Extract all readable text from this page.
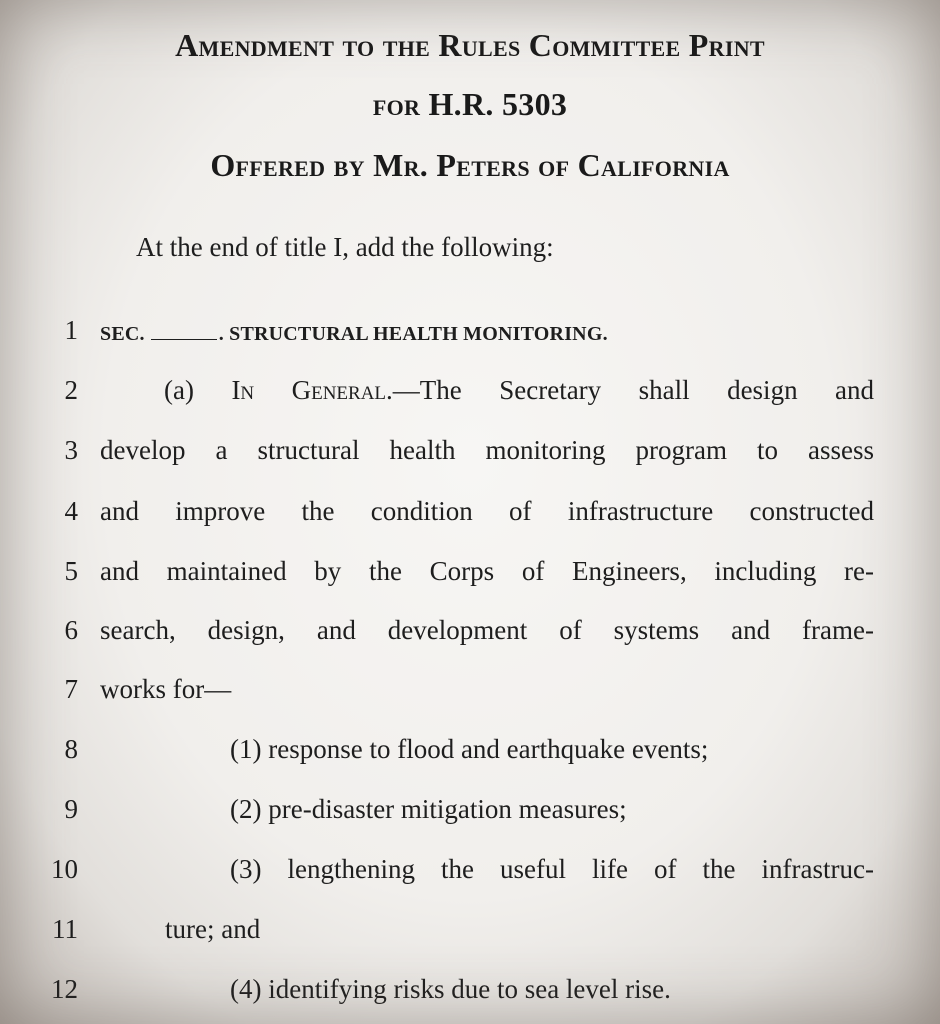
Amendment to the Rules Committee Print
for H.R. 5303
Offered by Mr. Peters of California
At the end of title I, add the following:
1 SEC.	. STRUCTURAL HEALTH MONITORING.
2	(a) In General.—The Secretary shall design and
3 develop a structural health monitoring program to assess
4 and improve the condition of infrastructure constructed
5 and maintained by the Corps of Engineers, including re-
6 search, design, and development of systems and frame-
7 works for—
8	(1) response to flood and earthquake events;
9	(2) pre-disaster mitigation measures;
10	(3) lengthening the useful life of the infrastruc-
11	ture; and
12	(4) identifying risks due to sea level rise.
